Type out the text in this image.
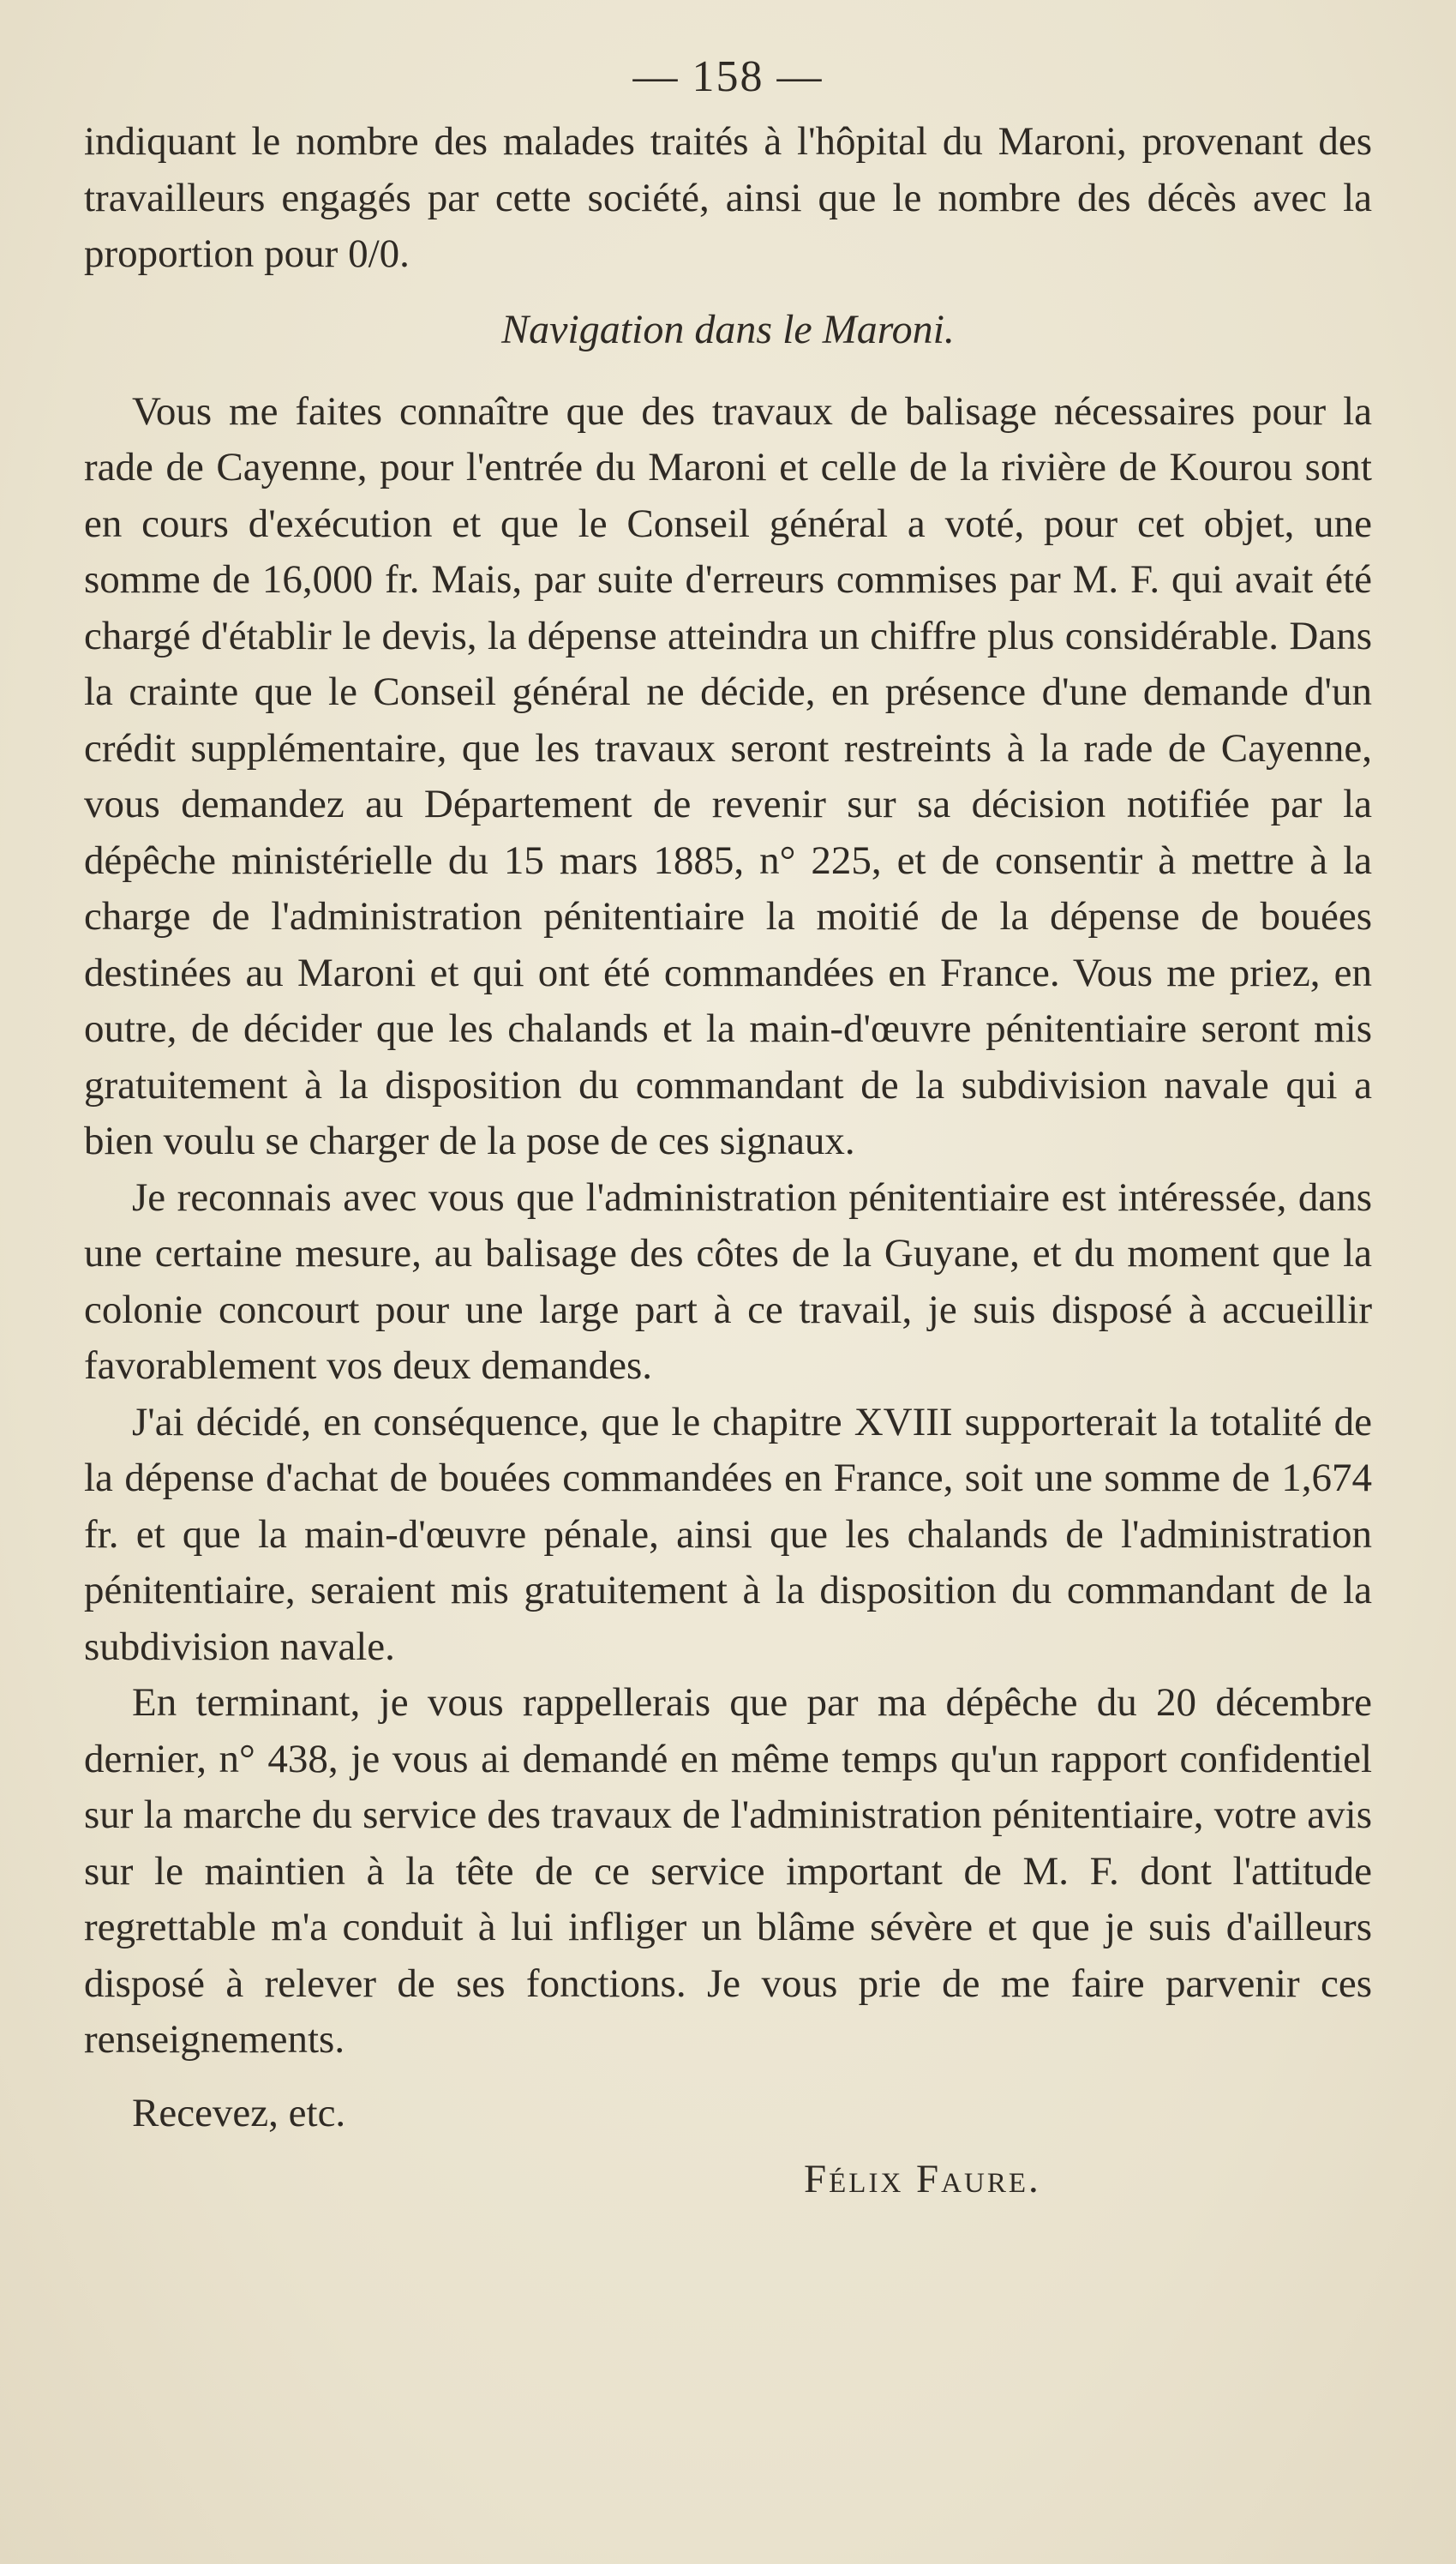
— 158 —

indiquant le nombre des malades traités à l'hôpital du Maroni, provenant des travailleurs engagés par cette société, ainsi que le nombre des décès avec la proportion pour 0/0.

Navigation dans le Maroni.

Vous me faites connaître que des travaux de balisage nécessaires pour la rade de Cayenne, pour l'entrée du Maroni et celle de la rivière de Kourou sont en cours d'exécution et que le Conseil général a voté, pour cet objet, une somme de 16,000 fr. Mais, par suite d'erreurs commises par M. F. qui avait été chargé d'établir le devis, la dépense atteindra un chiffre plus considérable. Dans la crainte que le Conseil général ne décide, en présence d'une demande d'un crédit supplémentaire, que les travaux seront restreints à la rade de Cayenne, vous demandez au Département de revenir sur sa décision notifiée par la dépêche ministérielle du 15 mars 1885, n° 225, et de consentir à mettre à la charge de l'administration pénitentiaire la moitié de la dépense de bouées destinées au Maroni et qui ont été commandées en France. Vous me priez, en outre, de décider que les chalands et la main-d'œuvre pénitentiaire seront mis gratuitement à la disposition du commandant de la subdivision navale qui a bien voulu se charger de la pose de ces signaux.

Je reconnais avec vous que l'administration pénitentiaire est intéressée, dans une certaine mesure, au balisage des côtes de la Guyane, et du moment que la colonie concourt pour une large part à ce travail, je suis disposé à accueillir favorablement vos deux demandes.

J'ai décidé, en conséquence, que le chapitre XVIII supporterait la totalité de la dépense d'achat de bouées commandées en France, soit une somme de 1,674 fr. et que la main-d'œuvre pénale, ainsi que les chalands de l'administration pénitentiaire, seraient mis gratuitement à la disposition du commandant de la subdivision navale.

En terminant, je vous rappellerais que par ma dépêche du 20 décembre dernier, n° 438, je vous ai demandé en même temps qu'un rapport confidentiel sur la marche du service des travaux de l'administration pénitentiaire, votre avis sur le maintien à la tête de ce service important de M. F. dont l'attitude regrettable m'a conduit à lui infliger un blâme sévère et que je suis d'ailleurs disposé à relever de ses fonctions. Je vous prie de me faire parvenir ces renseignements.

Recevez, etc.
Félix Faure.
